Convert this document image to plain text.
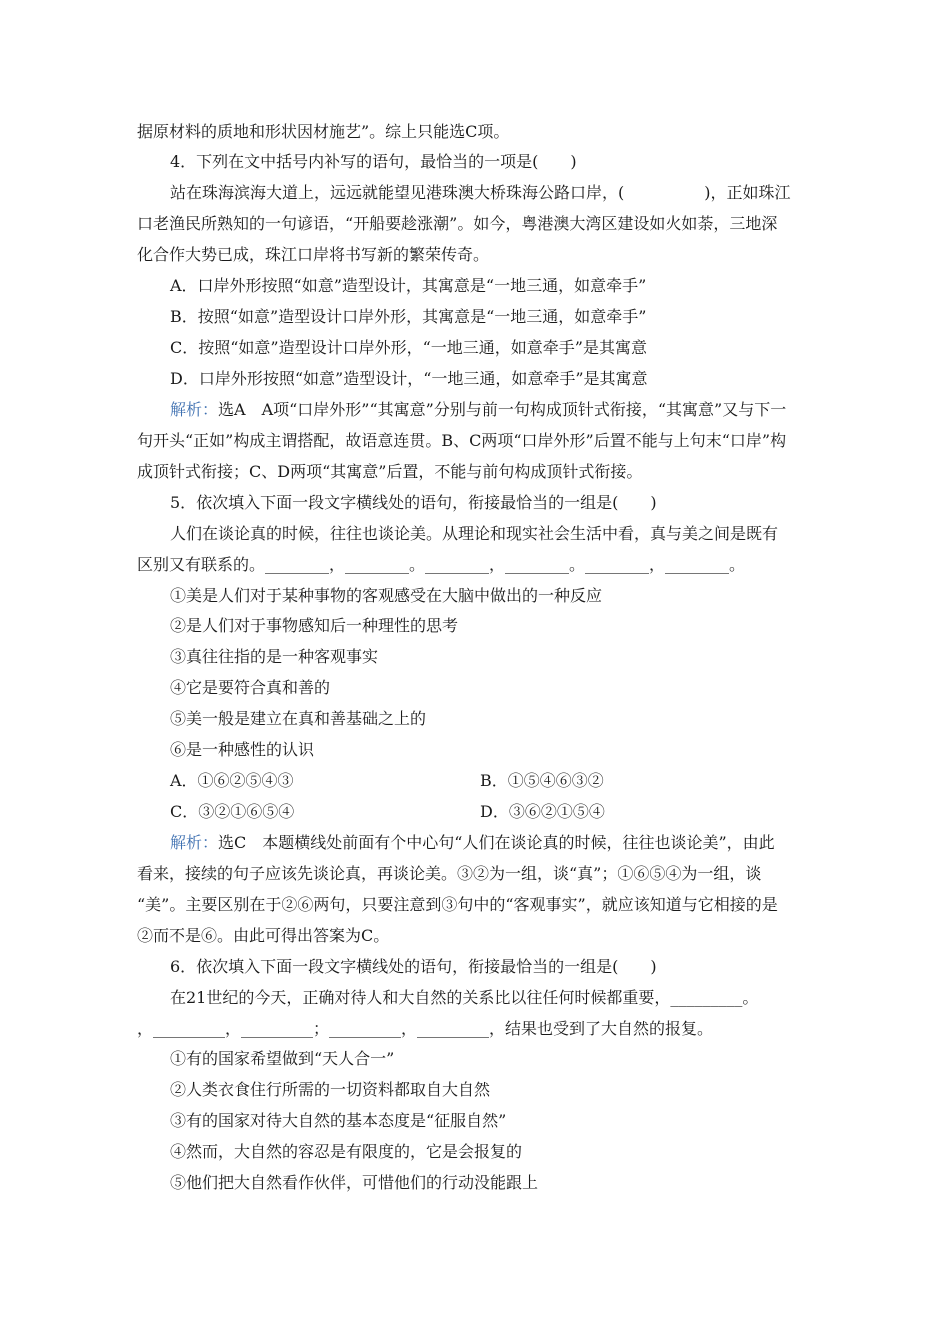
据原材料的质地和形状因材施艺”。综上只能选C项。
4．下列在文中括号内补写的语句，最恰当的一项是(　　)
站在珠海滨海大道上，远远就能望见港珠澳大桥珠海公路口岸，(　　　　　)，正如珠江
口老渔民所熟知的一句谚语，“开船要趁涨潮”。如今，粤港澳大湾区建设如火如荼，三地深
化合作大势已成，珠江口岸将书写新的繁荣传奇。
A．口岸外形按照“如意”造型设计，其寓意是“一地三通，如意牵手”
B．按照“如意”造型设计口岸外形，其寓意是“一地三通，如意牵手”
C．按照“如意”造型设计口岸外形，“一地三通，如意牵手”是其寓意
D．口岸外形按照“如意”造型设计，“一地三通，如意牵手”是其寓意
解析：选A　A项“口岸外形”“其寓意”分别与前一句构成顶针式衔接，“其寓意”又与下一
句开头“正如”构成主谓搭配，故语意连贯。B、C两项“口岸外形”后置不能与上句末“口岸”构
成顶针式衔接；C、D两项“其寓意”后置，不能与前句构成顶针式衔接。
5．依次填入下面一段文字横线处的语句，衔接最恰当的一组是(　　)
人们在谈论真的时候，往往也谈论美。从理论和现实社会生活中看，真与美之间是既有
区别又有联系的。________，________。________，________。________，________。
①美是人们对于某种事物的客观感受在大脑中做出的一种反应
②是人们对于事物感知后一种理性的思考
③真往往指的是一种客观事实
④它是要符合真和善的
⑤美一般是建立在真和善基础之上的
⑥是一种感性的认识
A．①⑥②⑤④③	B．①⑤④⑥③②
C．③②①⑥⑤④	D．③⑥②①⑤④
解析：选C　本题横线处前面有个中心句“人们在谈论真的时候，往往也谈论美”，由此
看来，接续的句子应该先谈论真，再谈论美。③②为一组，谈“真”；①⑥⑤④为一组，谈
“美”。主要区别在于②⑥两句，只要注意到③句中的“客观事实”，就应该知道与它相接的是
②而不是⑥。由此可得出答案为C。
6．依次填入下面一段文字横线处的语句，衔接最恰当的一组是(　　)
在21世纪的今天，正确对待人和大自然的关系比以往任何时候都重要，_________。
，_________，_________；_________，_________，结果也受到了大自然的报复。
①有的国家希望做到“天人合一”
②人类衣食住行所需的一切资料都取自大自然
③有的国家对待大自然的基本态度是“征服自然”
④然而，大自然的容忍是有限度的，它是会报复的
⑤他们把大自然看作伙伴，可惜他们的行动没能跟上
